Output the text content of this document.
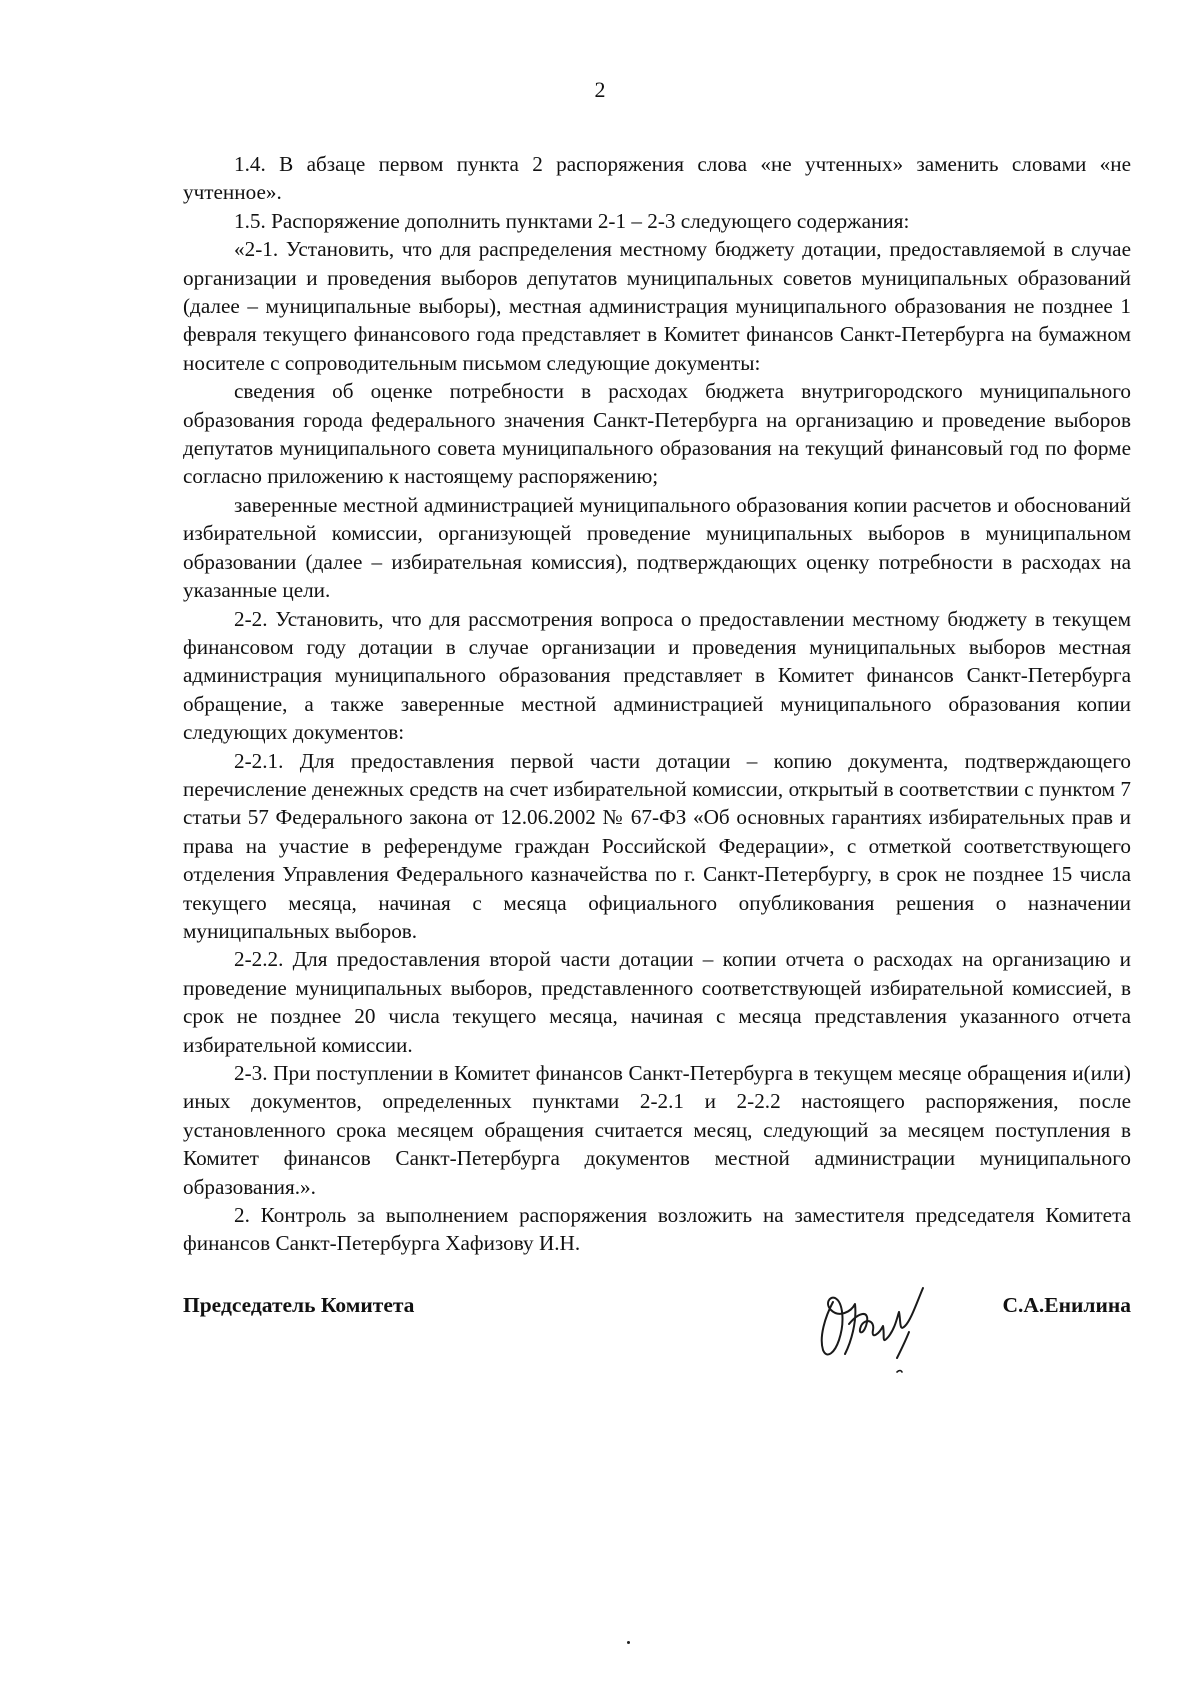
2

1.4. В абзаце первом пункта 2 распоряжения слова «не учтенных» заменить словами «не учтенное».

1.5. Распоряжение дополнить пунктами 2-1 – 2-3 следующего содержания:

«2-1. Установить, что для распределения местному бюджету дотации, предоставляемой в случае организации и проведения выборов депутатов муниципальных советов муниципальных образований (далее – муниципальные выборы), местная администрация муниципального образования не позднее 1 февраля текущего финансового года представляет в Комитет финансов Санкт-Петербурга на бумажном носителе с сопроводительным письмом следующие документы:

сведения об оценке потребности в расходах бюджета внутригородского муниципального образования города федерального значения Санкт-Петербурга на организацию и проведение выборов депутатов муниципального совета муниципального образования на текущий финансовый год по форме согласно приложению к настоящему распоряжению;

заверенные местной администрацией муниципального образования копии расчетов и обоснований избирательной комиссии, организующей проведение муниципальных выборов в муниципальном образовании (далее – избирательная комиссия), подтверждающих оценку потребности в расходах на указанные цели.

2-2. Установить, что для рассмотрения вопроса о предоставлении местному бюджету в текущем финансовом году дотации в случае организации и проведения муниципальных выборов местная администрация муниципального образования представляет в Комитет финансов Санкт-Петербурга обращение, а также заверенные местной администрацией муниципального образования копии следующих документов:

2-2.1. Для предоставления первой части дотации – копию документа, подтверждающего перечисление денежных средств на счет избирательной комиссии, открытый в соответствии с пунктом 7 статьи 57 Федерального закона от 12.06.2002 № 67-ФЗ «Об основных гарантиях избирательных прав и права на участие в референдуме граждан Российской Федерации», с отметкой соответствующего отделения Управления Федерального казначейства по г. Санкт-Петербургу, в срок не позднее 15 числа текущего месяца, начиная с месяца официального опубликования решения о назначении муниципальных выборов.

2-2.2. Для предоставления второй части дотации – копии отчета о расходах на организацию и проведение муниципальных выборов, представленного соответствующей избирательной комиссией, в срок не позднее 20 числа текущего месяца, начиная с месяца представления указанного отчета избирательной комиссии.

2-3. При поступлении в Комитет финансов Санкт-Петербурга в текущем месяце обращения и(или) иных документов, определенных пунктами 2-2.1 и 2-2.2 настоящего распоряжения, после установленного срока месяцем обращения считается месяц, следующий за месяцем поступления в Комитет финансов Санкт-Петербурга документов местной администрации муниципального образования.».

2. Контроль за выполнением распоряжения возложить на заместителя председателя Комитета финансов Санкт-Петербурга Хафизову И.Н.

Председатель Комитета	С.А.Енилина
